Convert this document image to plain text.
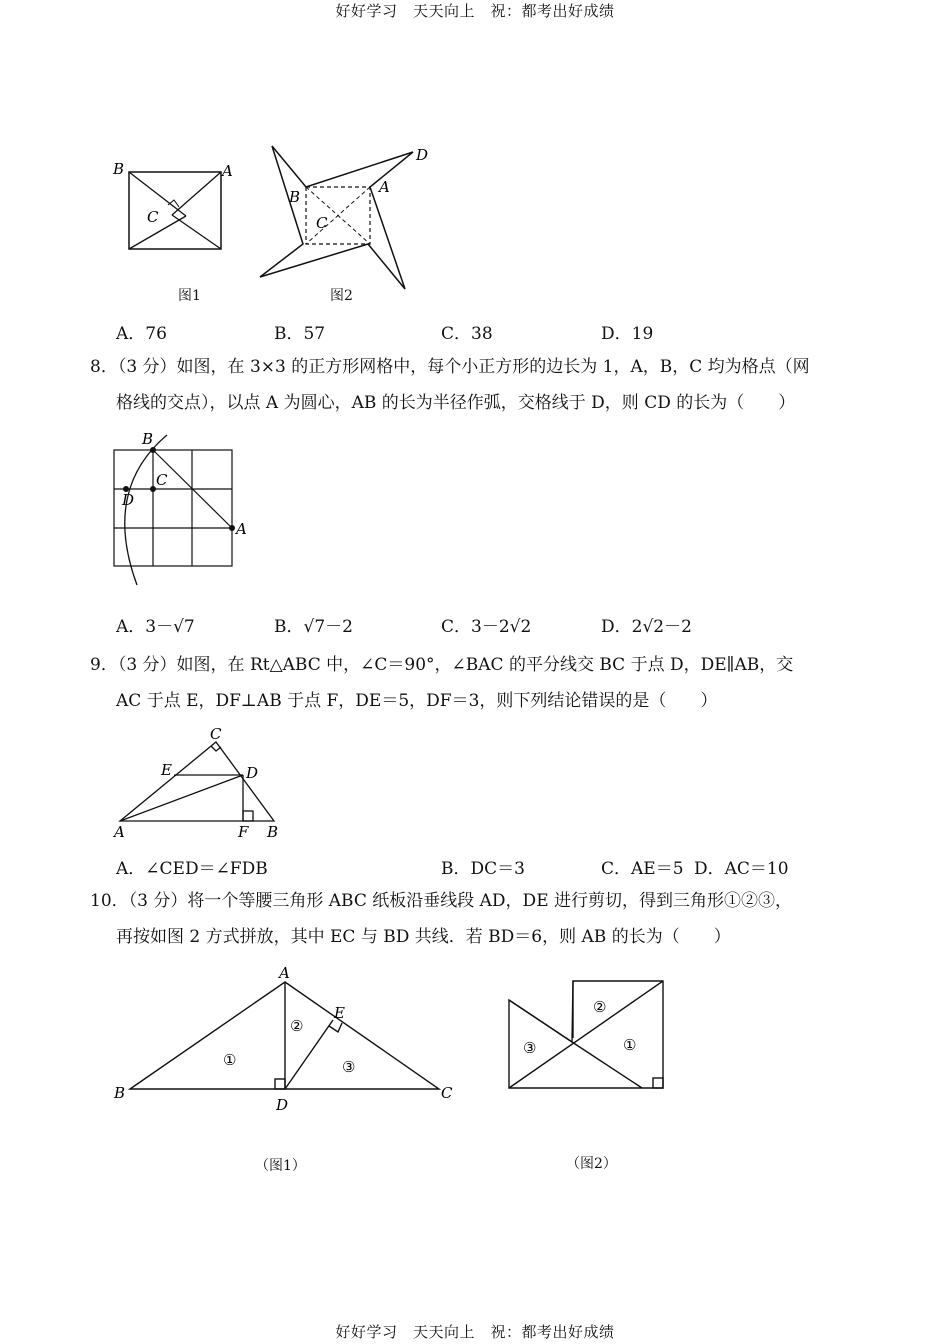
好好学习　天天向上　祝：都考出好成绩
B	A
C
图1
D
B
A
C
图2
A．76	B．57	C．38	D．19
8．（3 分）如图，在 3×3 的正方形网格中，每个小正方形的边长为 1，A，B，C 均为格点（网
格线的交点），以点 A 为圆心，AB 的长为半径作弧，交格线于 D，则 CD 的长为（　　）
B
C
D
A
A．3－√7	B．√7－2	C．3－2√2	D．2√2－2
9．（3 分）如图，在 Rt△ABC 中，∠C＝90°，∠BAC 的平分线交 BC 于点 D，DE∥AB，交
AC 于点 E，DF⊥AB 于点 F，DE＝5，DF＝3，则下列结论错误的是（　　）
C
E	D
A	F B
A．∠CED＝∠FDB	B．DC＝3	C．AE＝5 D．AC＝10
10．（3 分）将一个等腰三角形 ABC 纸板沿垂线段 AD，DE 进行剪切，得到三角形①②③，
再按如图 2 方式拼放，其中 EC 与 BD 共线．若 BD＝6，则 AB 的长为（　　）
A
E
B
D
C
①
②
③
（图1）
②
①
③
（图2）
好好学习　天天向上　祝：都考出好成绩
